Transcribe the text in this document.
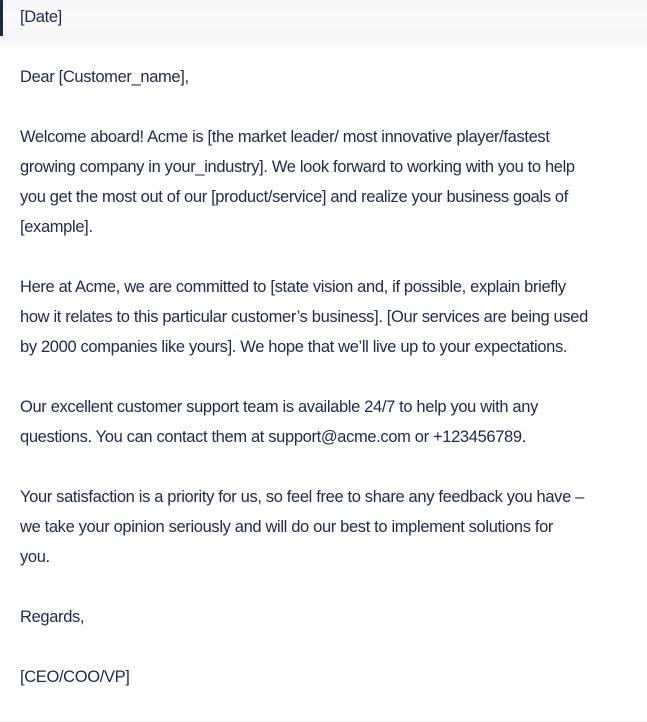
[Date]
Dear [Customer_name],
Welcome aboard! Acme is [the market leader/ most innovative player/fastest
growing company in your_industry]. We look forward to working with you to help
you get the most out of our [product/service] and realize your business goals of
[example].
Here at Acme, we are committed to [state vision and, if possible, explain briefly
how it relates to this particular customer’s business]. [Our services are being used
by 2000 companies like yours]. We hope that we’ll live up to your expectations.
Our excellent customer support team is available 24/7 to help you with any
questions. You can contact them at support@acme.com or +123456789.
Your satisfaction is a priority for us, so feel free to share any feedback you have –
we take your opinion seriously and will do our best to implement solutions for
you.
Regards,
[CEO/COO/VP]
